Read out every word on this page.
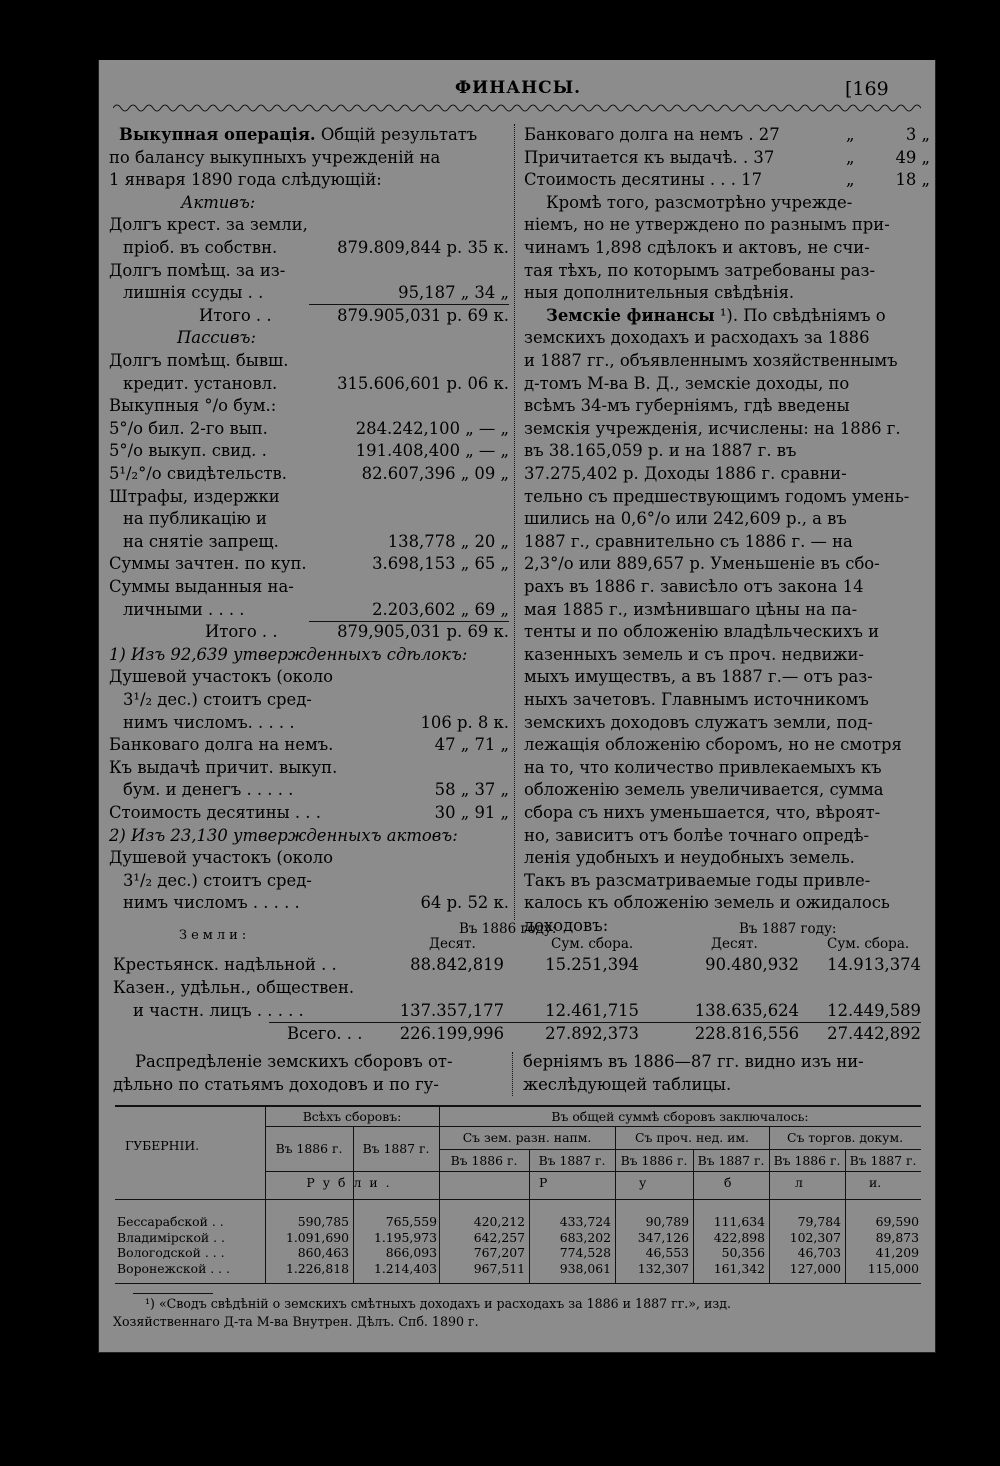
ФИНАНСЫ.	[169
Выкупная операція. Общій результатъ
по балансу выкупныхъ учрежденій на
1 января 1890 года слѣдующій:
Активъ:
Долгъ крест. за земли,
пріоб. въ собствн.	879.809,844 р. 35 к.
Долгъ помѣщ. за из-
лишнія ссуды . .	95,187 „ 34 „
Итого . .	879.905,031 р. 69 к.
Пассивъ:
Долгъ помѣщ. бывш.
кредит. установл.	315.606,601 р. 06 к.
Выкупныя °/o бум.:
5°/o бил. 2-го вып.	284.242,100 „ — „
5°/o выкуп. свид. .	191.408,400 „ — „
5¹/₂°/o свидѣтельств.	82.607,396 „ 09 „
Штрафы, издержки
на публикацію и
на снятіе запрещ.	138,778 „ 20 „
Суммы зачтен. по куп.	3.698,153 „ 65 „
Суммы выданныя на-
личными . . . .	2.203,602 „ 69 „
Итого . .	879,905,031 р. 69 к.
1) Изъ 92,639 утвержденныхъ сдѣлокъ:
Душевой участокъ (около
3¹/₂ дес.) стоитъ сред-
нимъ числомъ. . . . .	106 р. 8 к.
Банковаго долга на немъ.	47 „ 71 „
Къ выдачѣ причит. выкуп.
бум. и денегъ . . . . .	58 „ 37 „
Стоимость десятины . . .	30 „ 91 „
2) Изъ 23,130 утвержденныхъ актовъ:
Душевой участокъ (около
3¹/₂ дес.) стоитъ сред-
нимъ числомъ . . . . .	64 р. 52 к.
Банковаго долга на немъ . 27	„	3 „
Причитается къ выдачѣ. . 37	„ 49 „
Стоимость десятины . . . 17	„ 18 „
Кромѣ того, разсмотрѣно учрежде-
ніемъ, но не утверждено по разнымъ при-
чинамъ 1,898 сдѣлокъ и актовъ, не счи-
тая тѣхъ, по которымъ затребованы раз-
ныя дополнительныя свѣдѣнія.
Земскіе финансы ¹). По свѣдѣніямъ о
земскихъ доходахъ и расходахъ за 1886
и 1887 гг., объявленнымъ хозяйственнымъ
д-томъ М-ва В. Д., земскіе доходы, по
всѣмъ 34-мъ губерніямъ, гдѣ введены
земскія учрежденія, исчислены: на 1886 г.
въ 38.165,059 р. и на 1887 г. въ
37.275,402 р. Доходы 1886 г. сравни-
тельно съ предшествующимъ годомъ умень-
шились на 0,6°/o или 242,609 р., а въ
1887 г., сравнительно съ 1886 г. — на
2,3°/o или 889,657 р. Уменьшеніе въ сбо-
рахъ въ 1886 г. зависѣло отъ закона 14
мая 1885 г., измѣнившаго цѣны на па-
тенты и по обложенію владѣльческихъ и
казенныхъ земель и съ проч. недвижи-
мыхъ имуществъ, а въ 1887 г.— отъ раз-
ныхъ зачетовъ. Главнымъ источникомъ
земскихъ доходовъ служатъ земли, под-
лежащія обложенію сборомъ, но не смотря
на то, что количество привлекаемыхъ къ
обложенію земель увеличивается, сумма
сбора съ нихъ уменьшается, что, вѣроят-
но, зависитъ отъ болѣе точнаго опредѣ-
ленія удобныхъ и неудобныхъ земель.
Такъ въ разсматриваемые годы привле-
калось къ обложенію земель и ожидалось
доходовъ:
Земли:	Въ 1886 году:	Въ 1887 году:
Десят.	Сум. сбора.	Десят.	Сум. сбора.
Крестьянск. надѣльной . .	88.842,819	15.251,394	90.480,932 14.913,374
Казен., удѣльн., обществен.
и частн. лицъ . . . . .	137.357,177	12.461,715	138.635,624 12.449,589
Всего. . . 226.199,996	27.892,373	228.816,556 27.442,892
Распредѣленіе земскихъ сборовъ от-
дѣльно по статьямъ доходовъ и по гу-
берніямъ въ 1886—87 гг. видно изъ ни-
жеслѣдующей таблицы.
ГУБЕРНІИ.
Всѣхъ сборовъ:	Въ общей суммѣ сборовъ заключалось:
Въ 1886 г.	Въ 1887 г.
Съ зем. разн. напм.	Съ проч. нед. им.	Съ торгов. докум.
Въ 1886 г.	Въ 1887 г.	Въ 1886 г. Въ 1887 г. Въ 1886 г. Въ 1887 г.
Рубли.	Р	у	б	л	и.
Бессарабской . .	590,785	765,559	420,212	433,724	90,789 111,634	79,784	69,590
Владимірской . .	1.091,690 1.195,973	642,257	683,202 347,126 422,898 102,307	89,873
Вологодской . . .	860,463	866,093	767,207	774,528	46,553	50,356	46,703	41,209
Воронежской . . .	1.226,818 1.214,403	967,511	938,061 132,307 161,342 127,000 115,000
¹) «Сводъ свѣдѣній о земскихъ смѣтныхъ доходахъ и расходахъ за 1886 и 1887 гг.», изд.
Хозяйственнаго Д-та М-ва Внутрен. Дѣлъ. Спб. 1890 г.
